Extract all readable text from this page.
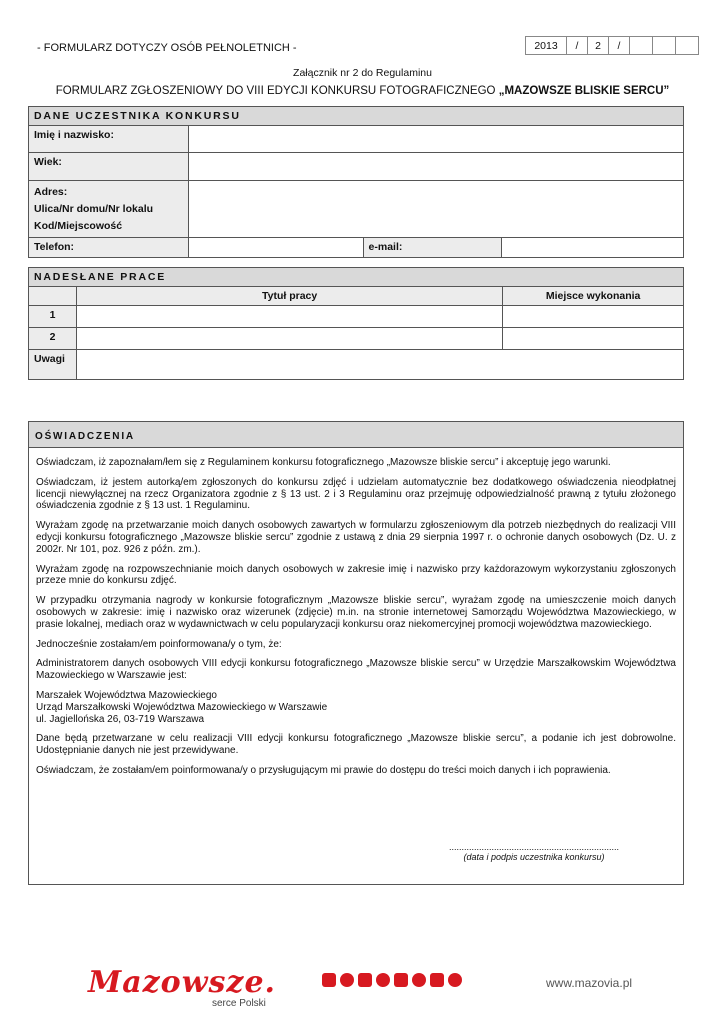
- FORMULARZ DOTYCZY OSÓB PEŁNOLETNICH -	2013	/	2	/			
Załącznik nr 2 do Regulaminu
FORMULARZ ZGŁOSZENIOWY DO VIII EDYCJI KONKURSU FOTOGRAFICZNEGO „MAZOWSZE BLISKIE SERCU”
DANE UCZESTNIKA KONKURSU			
Imię i nazwisko:			
Wiek:			

Adres:
Ulica/Nr domu/Nr lokalu
Kod/Miejscowość			

Telefon:		e-mail:	
NADESŁANE PRACE		
	Tytuł pracy	Miejsce wykonania
1		
2		
Uwagi		
OŚWIADCZENIA

Oświadczam, iż zapoznałam/łem się z Regulaminem konkursu fotograficznego „Mazowsze bliskie sercu” i akceptuję jego warunki.

Oświadczam, iż jestem autorką/em zgłoszonych do konkursu zdjęć i udzielam automatycznie bez dodatkowego oświadczenia nieodpłatnej licencji niewyłącznej na rzecz Organizatora zgodnie z § 13 ust. 2 i 3 Regulaminu oraz przejmuję odpowiedzialność prawną z tytułu złożonego oświadczenia zgodnie z § 13 ust. 1 Regulaminu.

Wyrażam zgodę na przetwarzanie moich danych osobowych zawartych w formularzu zgłoszeniowym dla potrzeb niezbędnych do realizacji VIII edycji konkursu fotograficznego „Mazowsze bliskie sercu” zgodnie z ustawą z dnia 29 sierpnia 1997 r. o ochronie danych osobowych (Dz. U. z 2002r. Nr 101, poz. 926 z późn. zm.).

Wyrażam zgodę na rozpowszechnianie moich danych osobowych w zakresie imię i nazwisko przy każdorazowym wykorzystaniu zgłoszonych przeze mnie do konkursu zdjęć.

W przypadku otrzymania nagrody w konkursie fotograficznym „Mazowsze bliskie sercu”, wyrażam zgodę na umieszczenie moich danych osobowych w zakresie: imię i nazwisko oraz wizerunek (zdjęcie) m.in. na stronie internetowej Samorządu Województwa Mazowieckiego, w prasie lokalnej, mediach oraz w wydawnictwach w celu popularyzacji konkursu oraz niekomercyjnej promocji województwa mazowieckiego.

Jednocześnie zostałam/em poinformowana/y o tym, że:

Administratorem danych osobowych VIII edycji konkursu fotograficznego „Mazowsze bliskie sercu” w Urzędzie Marszałkowskim Województwa Mazowieckiego w Warszawie jest:

Marszałek Województwa Mazowieckiego

Urząd Marszałkowski Województwa Mazowieckiego w Warszawie

ul. Jagiellońska 26, 03-719 Warszawa

Dane będą przetwarzane w celu realizacji VIII edycji konkursu fotograficznego „Mazowsze bliskie sercu”, a podanie ich jest dobrowolne. Udostępnianie danych nie jest przewidywane.

Oświadczam, że zostałam/em poinformowana/y o przysługującym mi prawie do dostępu do treści moich danych i ich poprawienia.

....................................................................
(data i podpis uczestnika konkursu)
Mazowsze.
serce Polski
www.mazovia.pl
